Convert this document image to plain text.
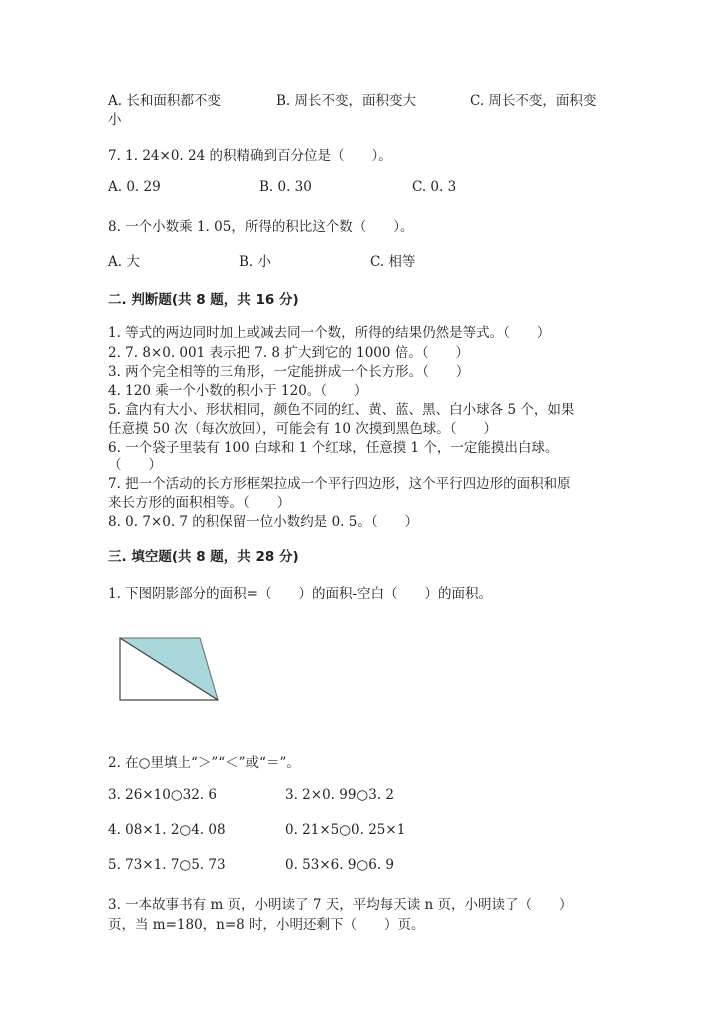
A. 长和面积都不变	B. 周长不变，面积变大	C. 周长不变，面积变
小
7. 1. 24×0. 24 的积精确到百分位是（　　）。
A. 0. 29	B. 0. 30	C. 0. 3
8. 一个小数乘 1. 05，所得的积比这个数（　　）。
A. 大	B. 小	C. 相等
二. 判断题(共 8 题，共 16 分)
1. 等式的两边同时加上或减去同一个数，所得的结果仍然是等式。（　　）
2. 7. 8×0. 001 表示把 7. 8 扩大到它的 1000 倍。（　　）
3. 两个完全相等的三角形，一定能拼成一个长方形。（　　）
4. 120 乘一个小数的积小于 120。（　　）
5. 盒内有大小、形状相同，颜色不同的红、黄、蓝、黑、白小球各 5 个，如果
任意摸 50 次（每次放回），可能会有 10 次摸到黑色球。（　　）
6. 一个袋子里装有 100 白球和 1 个红球，任意摸 1 个，一定能摸出白球。
（　　）
7. 把一个活动的长方形框架拉成一个平行四边形，这个平行四边形的面积和原
来长方形的面积相等。（　　）
8. 0. 7×0. 7 的积保留一位小数约是 0. 5。（　　）
三. 填空题(共 8 题，共 28 分)
1. 下图阴影部分的面积=（　　）的面积-空白（　　）的面积。
2. 在○里填上“＞”“＜”或“＝”。
3. 26×10○32. 6	3. 2×0. 99○3. 2
4. 08×1. 2○4. 08	0. 21×5○0. 25×1
5. 73×1. 7○5. 73	0. 53×6. 9○6. 9
3. 一本故事书有 m 页，小明读了 7 天，平均每天读 n 页，小明读了（　　）
页，当 m=180，n=8 时，小明还剩下（　　）页。
